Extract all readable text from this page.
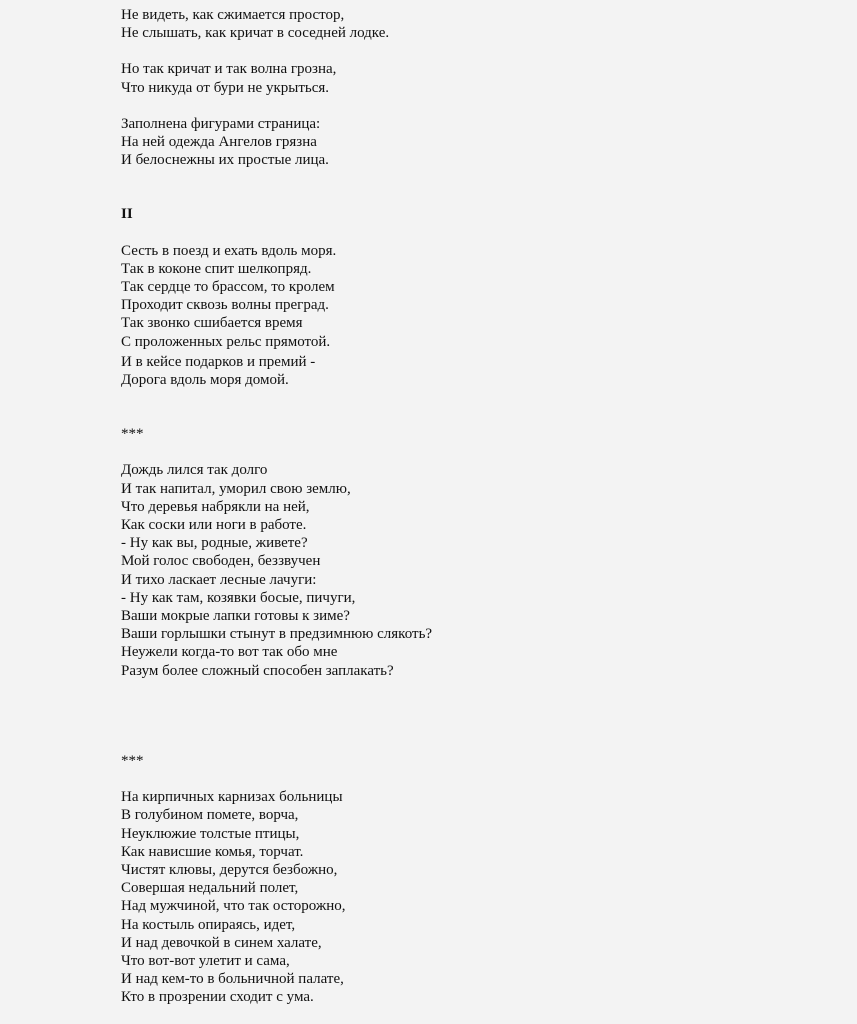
Не видеть, как сжимается простор,
Не слышать, как кричат в соседней лодке.
Но так кричат и так волна грозна,
Что никуда от бури не укрыться.
Заполнена фигурами страница:
На ней одежда Ангелов грязна
И белоснежны их простые лица.
II
Сесть в поезд и ехать вдоль моря.
Так в коконе спит шелкопряд.
Так сердце то брассом, то кролем
Проходит сквозь волны преград.
Так звонко сшибается время
С проложенных рельс прямотой.
И в кейсе подарков и премий -
Дорога вдоль моря домой.
***
Дождь лился так долго
И так напитал, уморил свою землю,
Что деревья набрякли на ней,
Как соски или ноги в работе.
- Ну как вы, родные, живете?
Мой голос свободен, беззвучен
И тихо ласкает лесные лачуги:
- Ну как там, козявки босые, пичуги,
Ваши мокрые лапки готовы к зиме?
Ваши горлышки стынут в предзимнюю слякоть?
Неужели когда-то вот так обо мне
Разум более сложный способен заплакать?
***
На кирпичных карнизах больницы
В голубином помете, ворча,
Неуклюжие толстые птицы,
Как нависшие комья, торчат.
Чистят клювы, дерутся безбожно,
Совершая недальний полет,
Над мужчиной, что так осторожно,
На костыль опираясь, идет,
И над девочкой в синем халате,
Что вот-вот улетит и сама,
И над кем-то в больничной палате,
Кто в прозрении сходит с ума.
